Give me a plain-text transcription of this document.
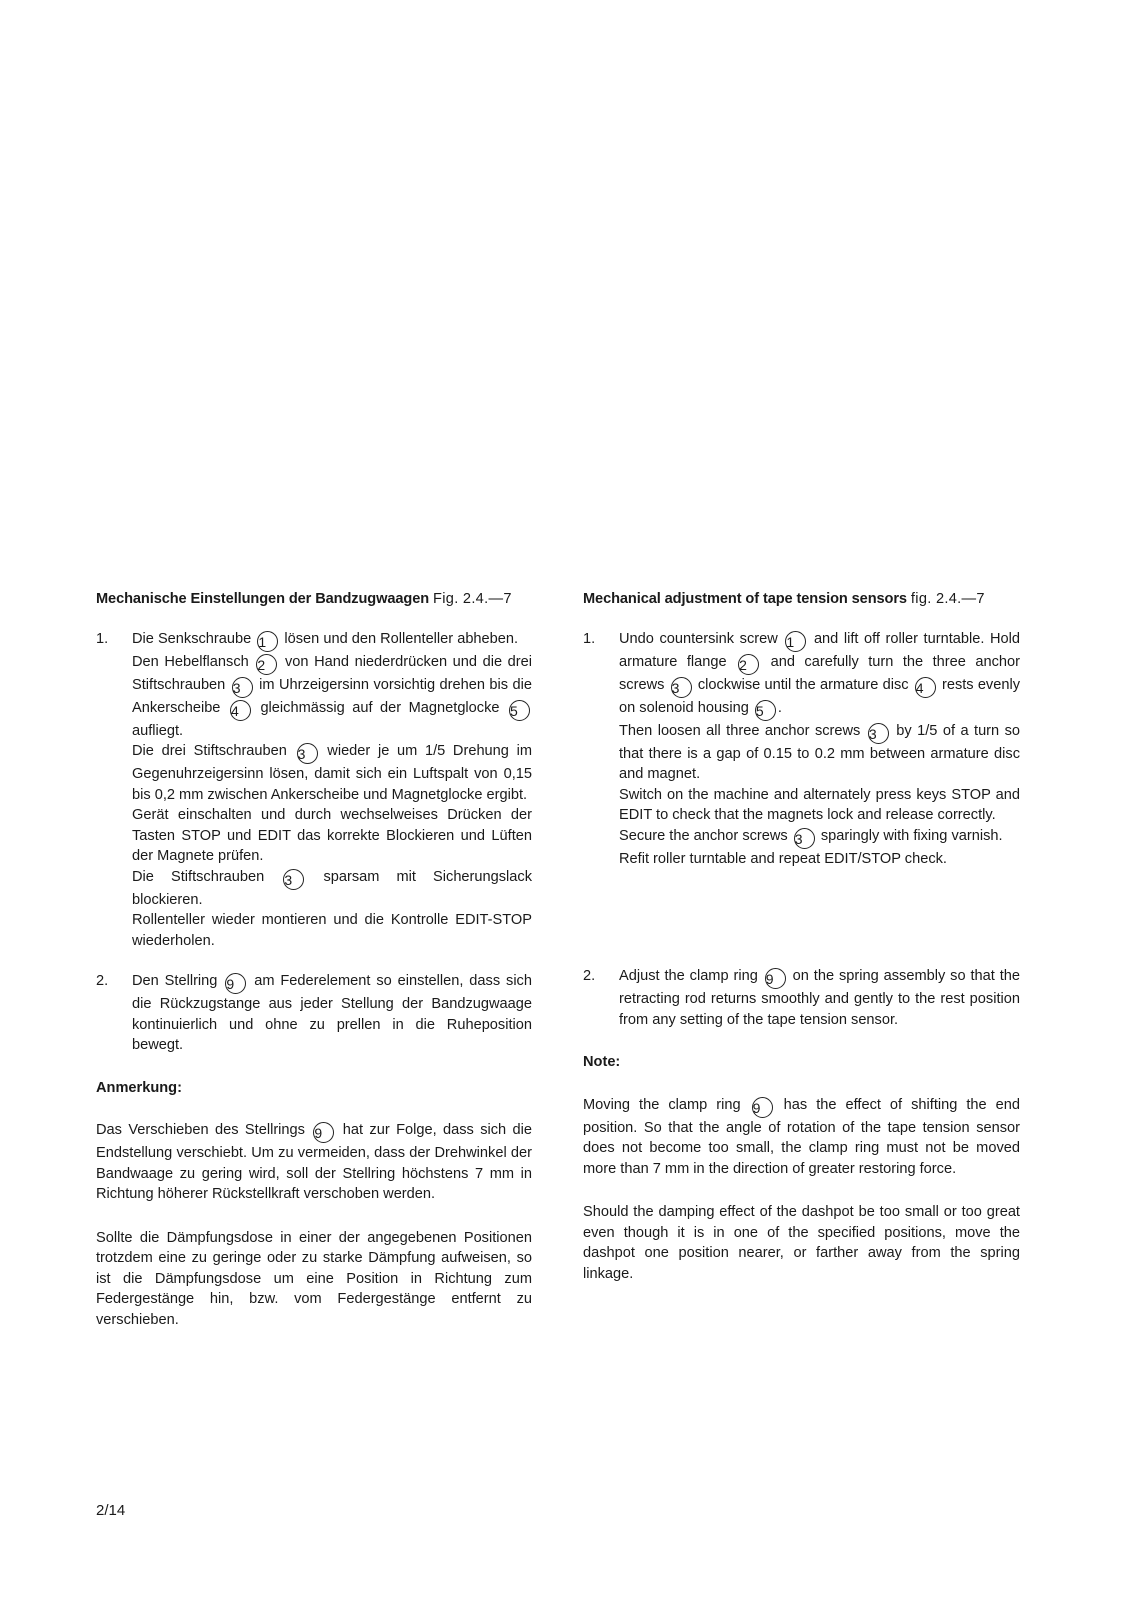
Mechanische Einstellungen der Bandzugwaagen Fig. 2.4.—7

1. Die Senkschraube 1 lösen und den Rollenteller abheben.

Den Hebelflansch 2 von Hand niederdrücken und die drei Stiftschrauben 3 im Uhrzeigersinn vorsichtig drehen bis die Ankerscheibe 4 gleichmässig auf der Magnetglocke 5 aufliegt.

Die drei Stiftschrauben 3 wieder je um 1/5 Drehung im Gegenuhrzeigersinn lösen, damit sich ein Luftspalt von 0,15 bis 0,2 mm zwischen Ankerscheibe und Magnetglocke ergibt.

Gerät einschalten und durch wechselweises Drücken der Tasten STOP und EDIT das korrekte Blockieren und Lüften der Magnete prüfen.

Die Stiftschrauben 3 sparsam mit Sicherungslack blockieren.

Rollenteller wieder montieren und die Kontrolle EDIT-STOP wiederholen.

2. Den Stellring 9 am Federelement so einstellen, dass sich die Rückzugstange aus jeder Stellung der Bandzugwaage kontinuierlich und ohne zu prellen in die Ruheposition bewegt.

Anmerkung:

Das Verschieben des Stellrings 9 hat zur Folge, dass sich die Endstellung verschiebt. Um zu vermeiden, dass der Drehwinkel der Bandwaage zu gering wird, soll der Stellring höchstens 7 mm in Richtung höherer Rückstellkraft verschoben werden.

Sollte die Dämpfungsdose in einer der angegebenen Positionen trotzdem eine zu geringe oder zu starke Dämpfung aufweisen, so ist die Dämpfungsdose um eine Position in Richtung zum Federgestänge hin, bzw. vom Federgestänge entfernt zu verschieben.

Mechanical adjustment of tape tension sensors fig. 2.4.—7

1. Undo countersink screw 1 and lift off roller turntable. Hold armature flange 2 and carefully turn the three anchor screws 3 clockwise until the armature disc 4 rests evenly on solenoid housing 5 .

Then loosen all three anchor screws 3 by 1/5 of a turn so that there is a gap of 0.15 to 0.2 mm between armature disc and magnet.

Switch on the machine and alternately press keys STOP and EDIT to check that the magnets lock and release correctly.

Secure the anchor screws 3 sparingly with fixing varnish.

Refit roller turntable and repeat EDIT/STOP check.

2. Adjust the clamp ring 9 on the spring assembly so that the retracting rod returns smoothly and gently to the rest position from any setting of the tape tension sensor.

Note:

Moving the clamp ring 9 has the effect of shifting the end position. So that the angle of rotation of the tape tension sensor does not become too small, the clamp ring must not be moved more than 7 mm in the direction of greater restoring force.

Should the damping effect of the dashpot be too small or too great even though it is in one of the specified positions, move the dashpot one position nearer, or farther away from the spring linkage.

2/14
